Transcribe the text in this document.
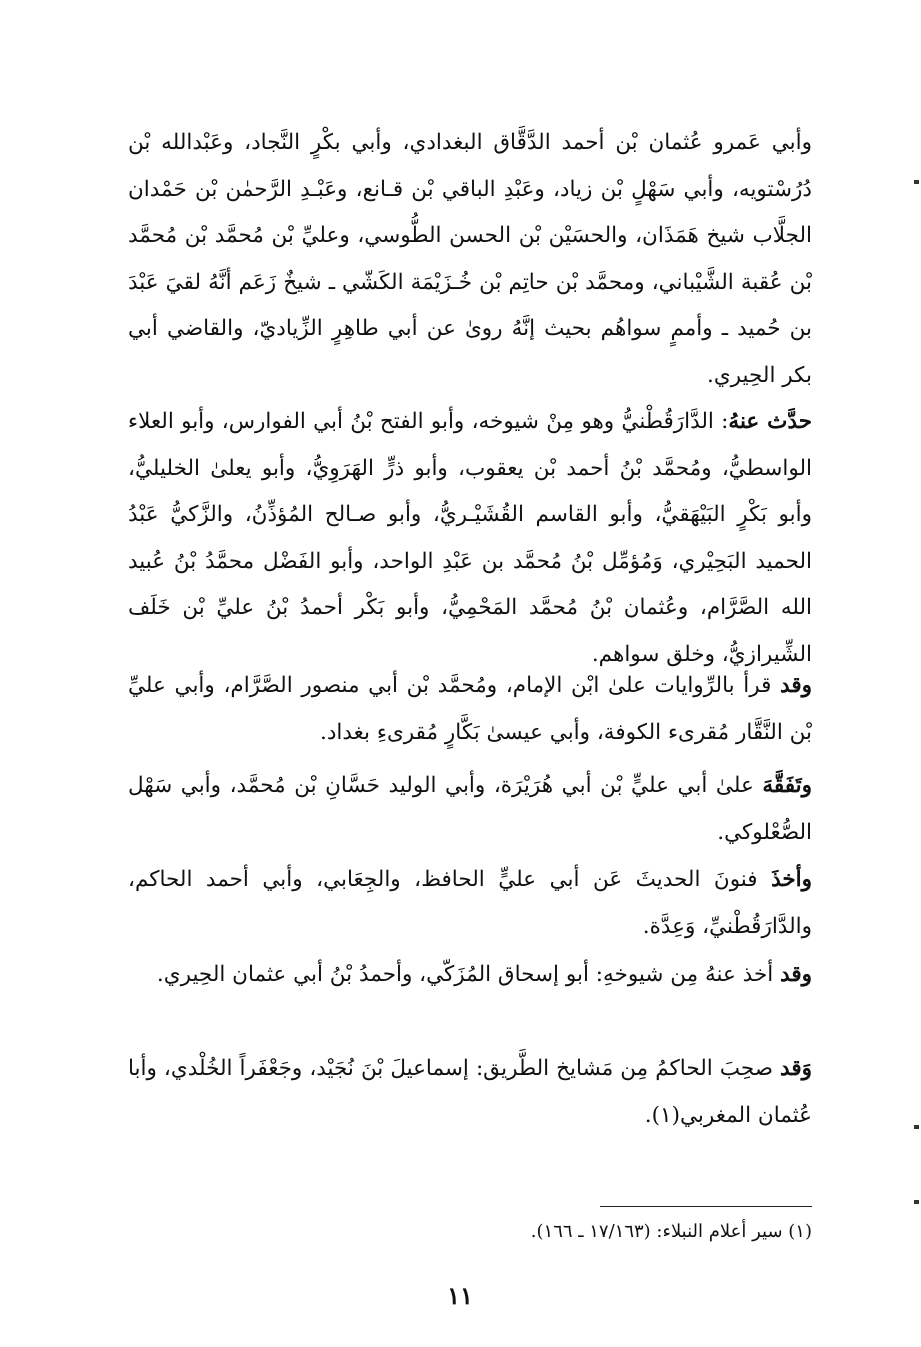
وأبي عَمرو عُثمان بْن أحمد الدَّقَّاق البغدادي، وأبي بكْرٍ النَّجاد، وعَبْدالله بْن دُرُسْتويه، وأبي سَهْلٍ بْن زياد، وعَبْدِ الباقي بْن قـانع، وعَبْـدِ الرَّحمٰن بْن حَمْدان الجلَّاب شيخ هَمَذَان، والحسَيْن بْن الحسن الطُّوسي، وعليِّ بْن مُحمَّد بْن مُحمَّد بْن عُقبة الشَّيْباني، ومحمَّد بْن حاتِم بْن خُـزَيْمَة الكَشّي ـ شيخٌ زَعَم أنَّهُ لقيَ عَبْدَ بن حُميد ـ وأممٍ سواهُم بحيث إنَّهُ روىٰ عن أبي طاهِرٍ الزِّياديّ، والقاضي أبي بكر الحِيري.

حدَّث عنهُ: الدَّارَقُطْنيُّ وهو مِنْ شيوخه، وأبو الفتح بْنُ أبي الفوارس، وأبو العلاء الواسطيُّ، ومُحمَّد بْنُ أحمد بْن يعقوب، وأبو ذرٍّ الهَرَوِيُّ، وأبو يعلىٰ الخليليُّ، وأبو بَكْرٍ البَيْهَقيُّ، وأبو القاسم القُشَيْـريُّ، وأبو صـالح المُؤذِّنُ، والزَّكيُّ عَبْدُ الحميد البَحِيْري، وَمُؤمِّل بْنُ مُحمَّد بن عَبْدِ الواحد، وأبو الفَضْل محمَّدُ بْنُ عُبيد الله الصَّرَّام، وعُثمان بْنُ مُحمَّد المَحْمِيُّ، وأبو بَكْر أحمدُ بْنُ عليِّ بْن خَلَف الشِّيرازيُّ، وخلق سواهم.

وقد قرأ بالرِّوايات علىٰ ابْن الإمام، ومُحمَّد بْن أبي منصور الصَّرَّام، وأبي عليِّ بْن النَّقَّار مُقرىء الكوفة، وأبي عيسىٰ بَكَّارٍ مُقرىءِ بغداد.

وتَفَقَّهَ علىٰ أبي عليٍّ بْن أبي هُرَيْرَة، وأبي الوليد حَسَّانِ بْن مُحمَّد، وأبي سَهْل الصُّعْلوكي.

وأخذَ فنونَ الحديثَ عَن أبي عليٍّ الحافظ، والجِعَابي، وأبي أحمد الحاكم، والدَّارَقُطْنيِّ، وَعِدَّة.

وقد أخذ عنهُ مِن شيوخهِ: أبو إسحاق المُزَكّي، وأحمدُ بْنُ أبي عثمان الحِيري.

وَقد صحِبَ الحاكمُ مِن مَشايخ الطَّريق: إسماعيلَ بْنَ نُجَيْد، وجَعْفَراً الخُلْدي، وأبا عُثمان المغربي(١).

(١) سير أعلام النبلاء: (١٧/١٦٣ ـ ١٦٦).

١١
